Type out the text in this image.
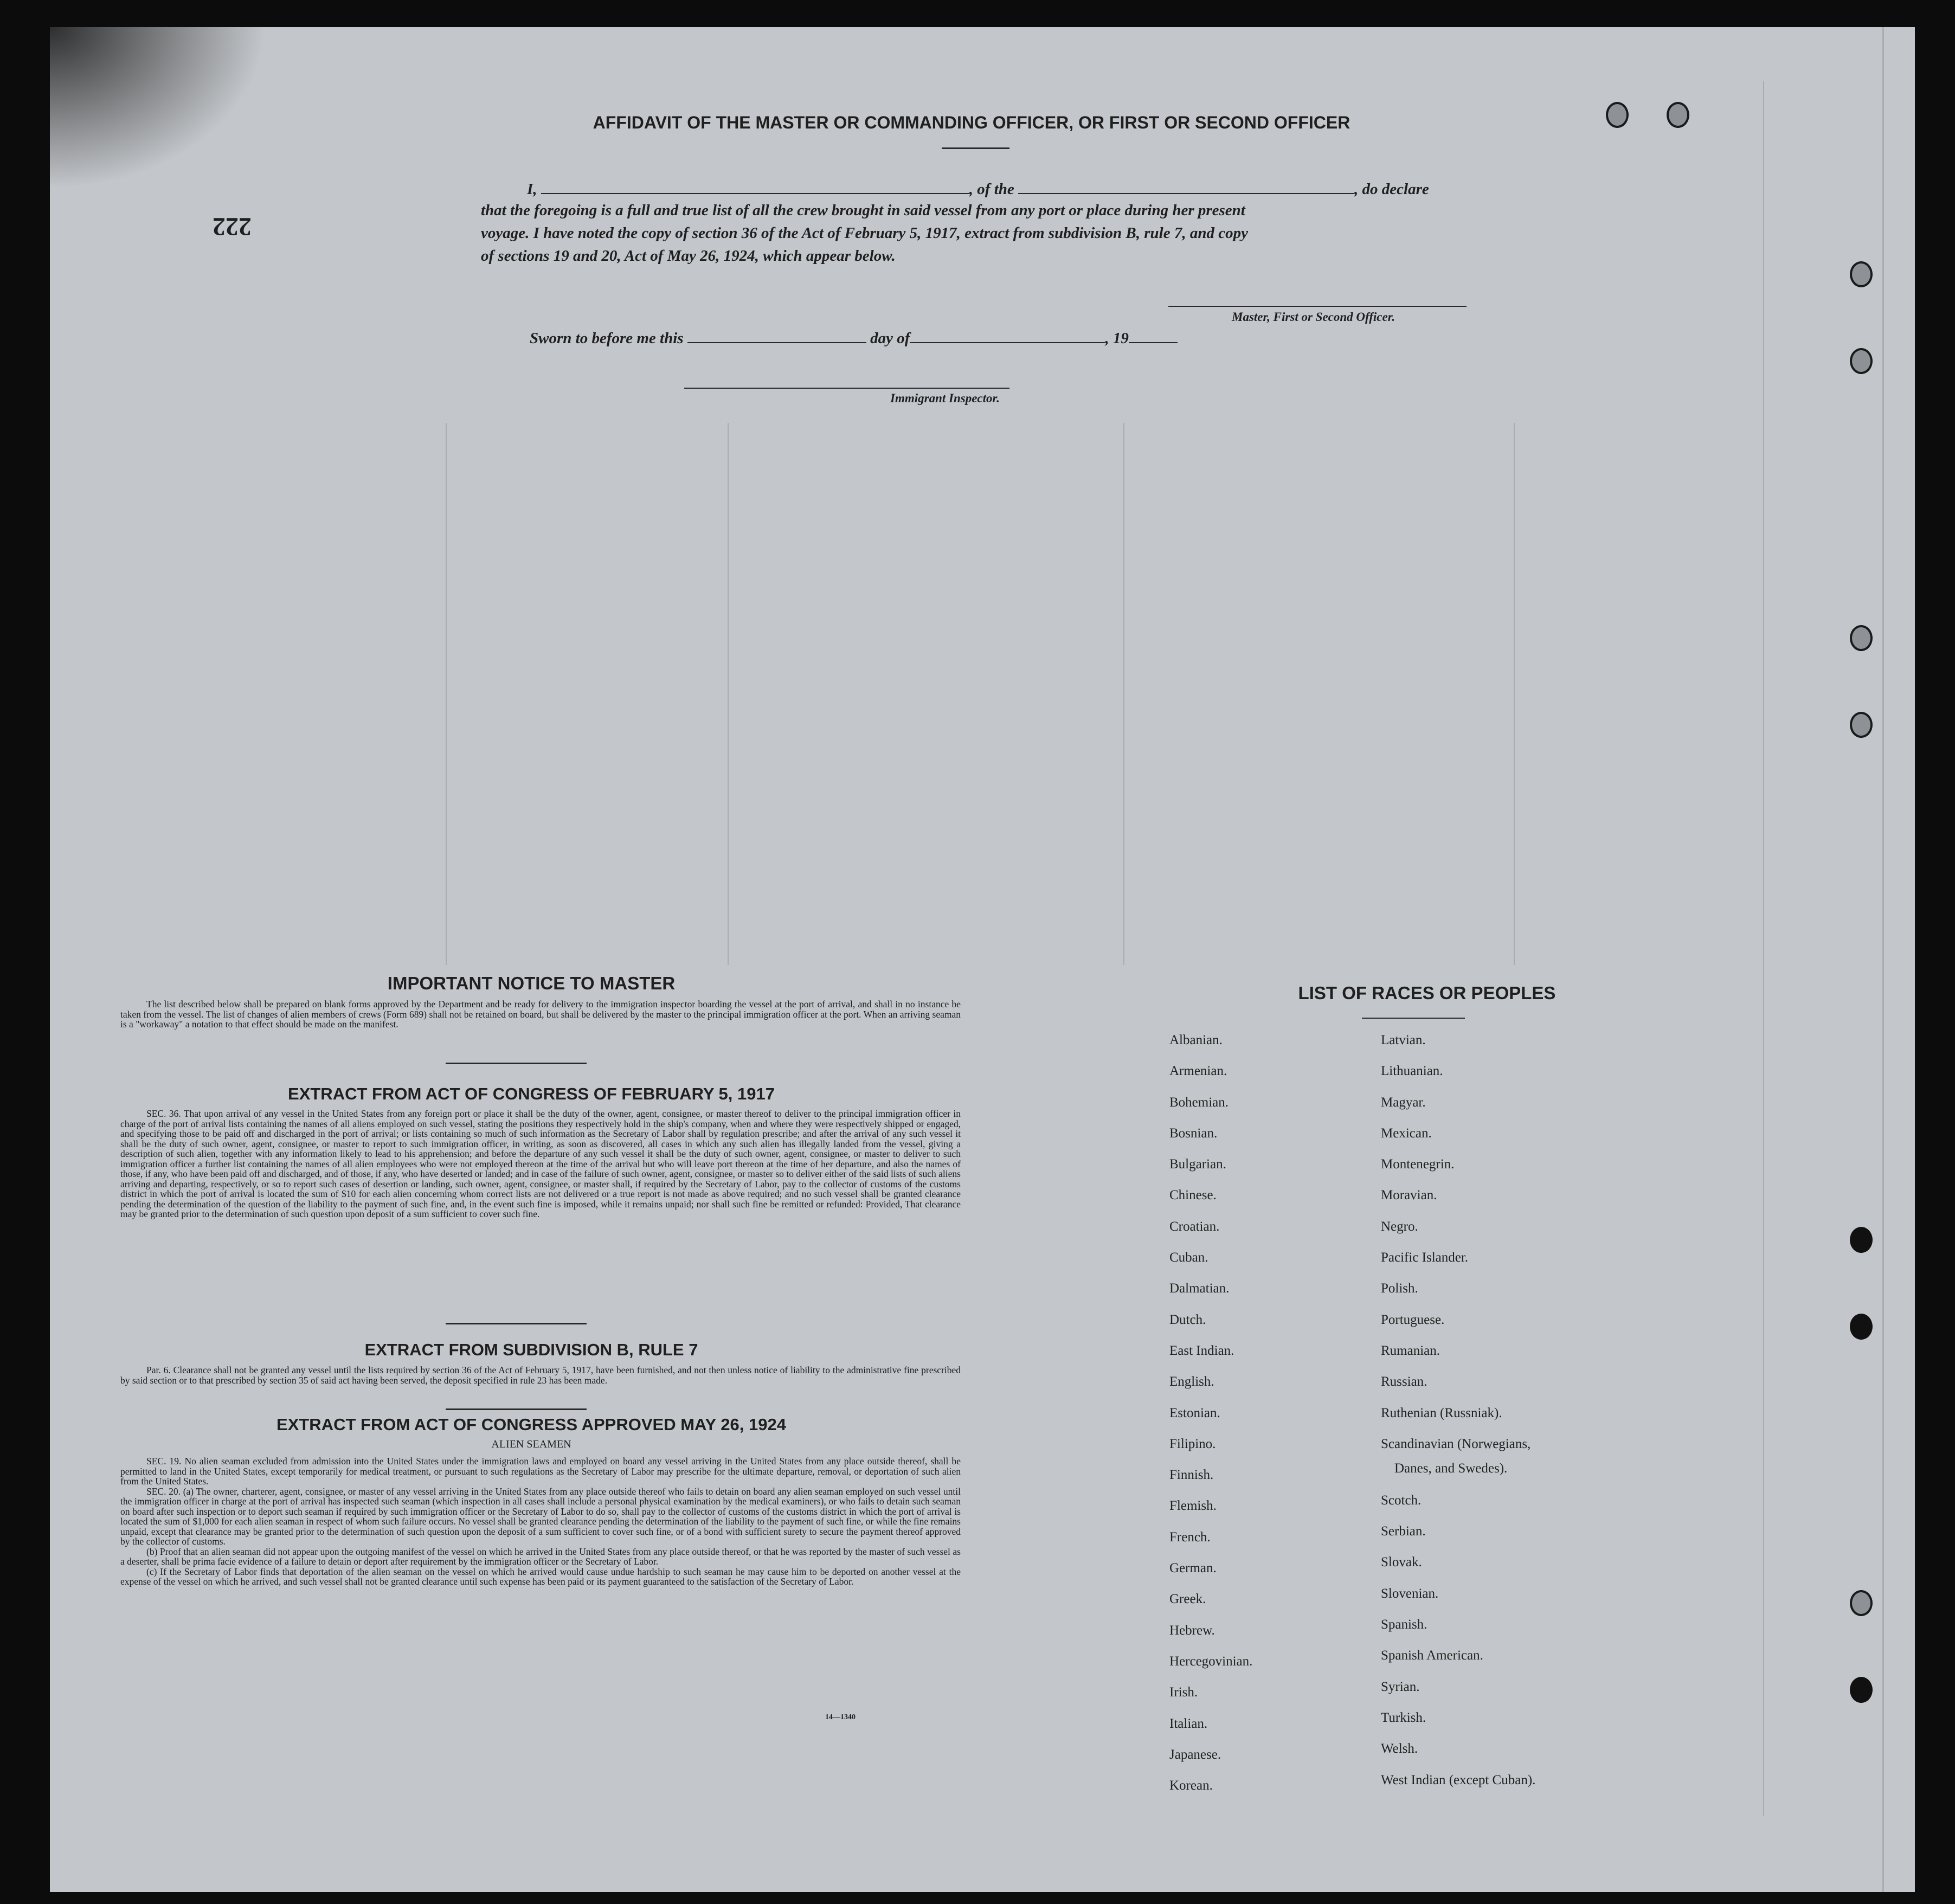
AFFIDAVIT OF THE MASTER OR COMMANDING OFFICER, OR FIRST OR SECOND OFFICER
I,	, of the	, do declare

that the foregoing is a full and true list of all the crew brought in said vessel from any port or place during her present

voyage. I have noted the copy of section 36 of the Act of February 5, 1917, extract from subdivision B, rule 7, and copy

of sections 19 and 20, Act of May 26, 1924, which appear below.

222
Master, First or Second Officer.
Sworn to before me this	day of	, 19
Immigrant Inspector.
IMPORTANT NOTICE TO MASTER

The list described below shall be prepared on blank forms approved by the Department and be ready for delivery to the immigration inspector boarding the vessel at the port of arrival, and shall in no instance be taken from the vessel. The list of changes of alien members of crews (Form 689) shall not be retained on board, but shall be delivered by the master to the principal immigration officer at the port. When an arriving seaman is a "workaway" a notation to that effect should be made on the manifest.

EXTRACT FROM ACT OF CONGRESS OF FEBRUARY 5, 1917

SEC. 36. That upon arrival of any vessel in the United States from any foreign port or place it shall be the duty of the owner, agent, consignee, or master thereof to deliver to the principal immigration officer in charge of the port of arrival lists containing the names of all aliens employed on such vessel, stating the positions they respectively hold in the ship's company, when and where they were respectively shipped or engaged, and specifying those to be paid off and discharged in the port of arrival; or lists containing so much of such information as the Secretary of Labor shall by regulation prescribe; and after the arrival of any such vessel it shall be the duty of such owner, agent, consignee, or master to report to such immigration officer, in writing, as soon as discovered, all cases in which any such alien has illegally landed from the vessel, giving a description of such alien, together with any information likely to lead to his apprehension; and before the departure of any such vessel it shall be the duty of such owner, agent, consignee, or master to deliver to such immigration officer a further list containing the names of all alien employees who were not employed thereon at the time of the arrival but who will leave port thereon at the time of her departure, and also the names of those, if any, who have been paid off and discharged, and of those, if any, who have deserted or landed; and in case of the failure of such owner, agent, consignee, or master so to deliver either of the said lists of such aliens arriving and departing, respectively, or so to report such cases of desertion or landing, such owner, agent, consignee, or master shall, if required by the Secretary of Labor, pay to the collector of customs of the customs district in which the port of arrival is located the sum of $10 for each alien concerning whom correct lists are not delivered or a true report is not made as above required; and no such vessel shall be granted clearance pending the determination of the question of the liability to the payment of such fine, and, in the event such fine is imposed, while it remains unpaid; nor shall such fine be remitted or refunded: Provided, That clearance may be granted prior to the determination of such question upon deposit of a sum sufficient to cover such fine.

EXTRACT FROM SUBDIVISION B, RULE 7

Par. 6. Clearance shall not be granted any vessel until the lists required by section 36 of the Act of February 5, 1917, have been furnished, and not then unless notice of liability to the administrative fine prescribed by said section or to that prescribed by section 35 of said act having been served, the deposit specified in rule 23 has been made.

EXTRACT FROM ACT OF CONGRESS APPROVED MAY 26, 1924
ALIEN SEAMEN

SEC. 19. No alien seaman excluded from admission into the United States under the immigration laws and employed on board any vessel arriving in the United States from any place outside thereof, shall be permitted to land in the United States, except temporarily for medical treatment, or pursuant to such regulations as the Secretary of Labor may prescribe for the ultimate departure, removal, or deportation of such alien from the United States.

SEC. 20. (a) The owner, charterer, agent, consignee, or master of any vessel arriving in the United States from any place outside thereof who fails to detain on board any alien seaman employed on such vessel until the immigration officer in charge at the port of arrival has inspected such seaman (which inspection in all cases shall include a personal physical examination by the medical examiners), or who fails to detain such seaman on board after such inspection or to deport such seaman if required by such immigration officer or the Secretary of Labor to do so, shall pay to the collector of customs of the customs district in which the port of arrival is located the sum of $1,000 for each alien seaman in respect of whom such failure occurs. No vessel shall be granted clearance pending the determination of the liability to the payment of such fine, or while the fine remains unpaid, except that clearance may be granted prior to the determination of such question upon the deposit of a sum sufficient to cover such fine, or of a bond with sufficient surety to secure the payment thereof approved by the collector of customs.

(b) Proof that an alien seaman did not appear upon the outgoing manifest of the vessel on which he arrived in the United States from any place outside thereof, or that he was reported by the master of such vessel as a deserter, shall be prima facie evidence of a failure to detain or deport after requirement by the immigration officer or the Secretary of Labor.

(c) If the Secretary of Labor finds that deportation of the alien seaman on the vessel on which he arrived would cause undue hardship to such seaman he may cause him to be deported on another vessel at the expense of the vessel on which he arrived, and such vessel shall not be granted clearance until such expense has been paid or its payment guaranteed to the satisfaction of the Secretary of Labor.

14—1340
LIST OF RACES OR PEOPLES
Albanian.
Armenian.
Bohemian.
Bosnian.
Bulgarian.
Chinese.
Croatian.
Cuban.
Dalmatian.
Dutch.
East Indian.
English.
Estonian.
Filipino.
Finnish.
Flemish.
French.
German.
Greek.
Hebrew.
Hercegovinian.
Irish.
Italian.
Japanese.
Korean.
Latvian.
Lithuanian.
Magyar.
Mexican.
Montenegrin.
Moravian.
Negro.
Pacific Islander.
Polish.
Portuguese.
Rumanian.
Russian.
Ruthenian (Russniak).
Scandinavian (Norwegians,
Scotch.
Serbian.
Slovak.
Slovenian.
Spanish.
Spanish American.
Syrian.
Turkish.
Welsh.
West Indian (except Cuban).
Danes, and Swedes).
